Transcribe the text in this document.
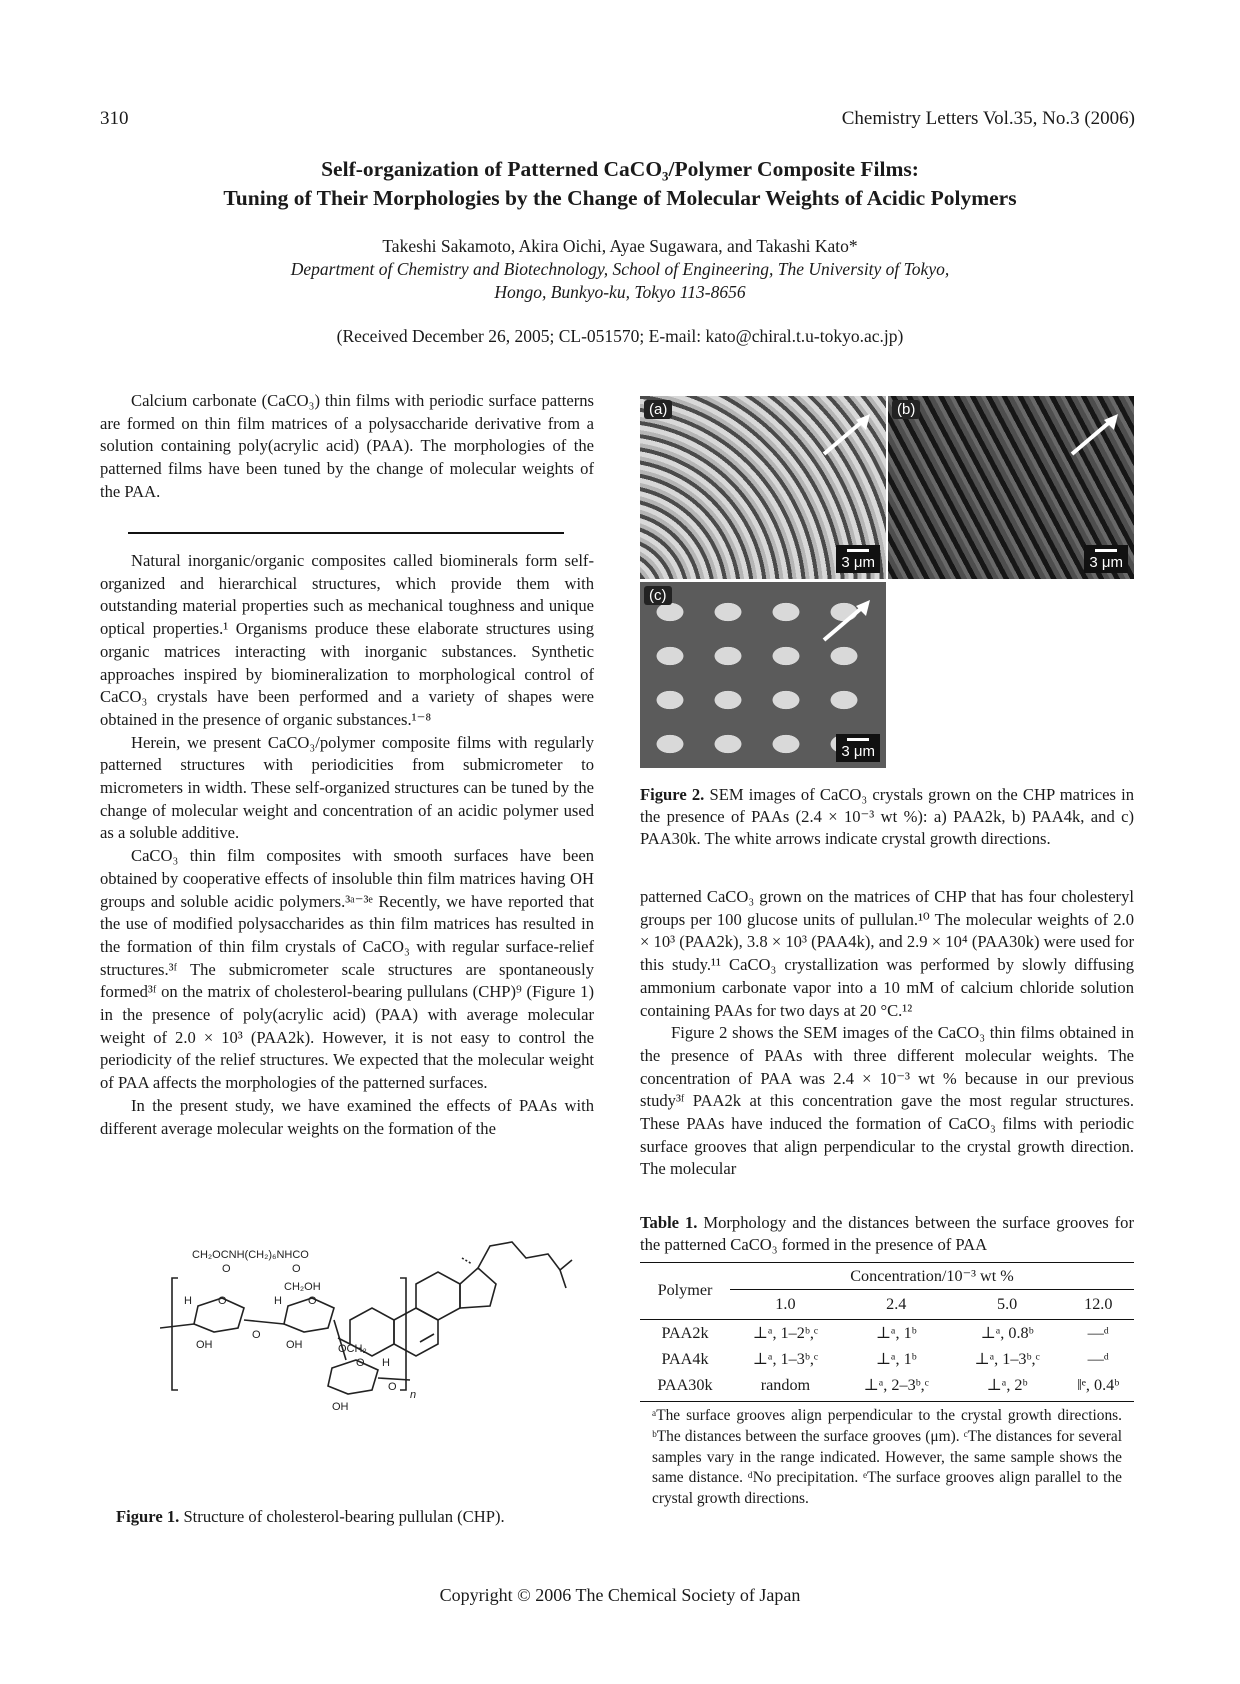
310	Chemistry Letters Vol.35, No.3 (2006)
Self-organization of Patterned CaCO₃/Polymer Composite Films:
Tuning of Their Morphologies by the Change of Molecular Weights of Acidic Polymers
Takeshi Sakamoto, Akira Oichi, Ayae Sugawara, and Takashi Kato*
Department of Chemistry and Biotechnology, School of Engineering, The University of Tokyo,
Hongo, Bunkyo-ku, Tokyo 113-8656
(Received December 26, 2005; CL-051570; E-mail: kato@chiral.t.u-tokyo.ac.jp)

Calcium carbonate (CaCO₃) thin films with periodic surface patterns are formed on thin film matrices of a polysaccharide derivative from a solution containing poly(acrylic acid) (PAA). The morphologies of the patterned films have been tuned by the change of molecular weights of the PAA.

Natural inorganic/organic composites called biominerals form self-organized and hierarchical structures, which provide them with outstanding material properties such as mechanical toughness and unique optical properties.¹ Organisms produce these elaborate structures using organic matrices interacting with inorganic substances. Synthetic approaches inspired by biomineralization to morphological control of CaCO₃ crystals have been performed and a variety of shapes were obtained in the presence of organic substances.¹⁻⁸

Herein, we present CaCO₃/polymer composite films with regularly patterned structures with periodicities from submicrometer to micrometers in width. These self-organized structures can be tuned by the change of molecular weight and concentration of an acidic polymer used as a soluble additive.

CaCO₃ thin film composites with smooth surfaces have been obtained by cooperative effects of insoluble thin film matrices having OH groups and soluble acidic polymers.³ᵃ⁻³ᵉ Recently, we have reported that the use of modified polysaccharides as thin film matrices has resulted in the formation of thin film crystals of CaCO₃ with regular surface-relief structures.³ᶠ The submicrometer scale structures are spontaneously formed³ᶠ on the matrix of cholesterol-bearing pullulans (CHP)⁹ (Figure 1) in the presence of poly(acrylic acid) (PAA) with average molecular weight of 2.0 × 10³ (PAA2k). However, it is not easy to control the periodicity of the relief structures. We expected that the molecular weight of PAA affects the morphologies of the patterned surfaces.

In the present study, we have examined the effects of PAAs with different average molecular weights on the formation of the

CH₂OCNH(CH₂)₆NHCO
O	O
CH₂OH
OCH₂
OH	OH
OH
O	O
O
O
O
H	H
H
n
Figure 1. Structure of cholesterol-bearing pullulan (CHP).
(a)
3 μm
(b)
3 μm
(c)
3 μm
Figure 2. SEM images of CaCO₃ crystals grown on the CHP matrices in the presence of PAAs (2.4 × 10⁻³ wt %): a) PAA2k, b) PAA4k, and c) PAA30k. The white arrows indicate crystal growth directions.

patterned CaCO₃ grown on the matrices of CHP that has four cholesteryl groups per 100 glucose units of pullulan.¹⁰ The molecular weights of 2.0 × 10³ (PAA2k), 3.8 × 10³ (PAA4k), and 2.9 × 10⁴ (PAA30k) were used for this study.¹¹ CaCO₃ crystallization was performed by slowly diffusing ammonium carbonate vapor into a 10 mM of calcium chloride solution containing PAAs for two days at 20 °C.¹²

Figure 2 shows the SEM images of the CaCO₃ thin films obtained in the presence of PAAs with three different molecular weights. The concentration of PAA was 2.4 × 10⁻³ wt % because in our previous study³ᶠ PAA2k at this concentration gave the most regular structures. These PAAs have induced the formation of CaCO₃ films with periodic surface grooves that align perpendicular to the crystal growth direction. The molecular

Table 1. Morphology and the distances between the surface grooves for the patterned CaCO₃ formed in the presence of PAA
Polymer	Concentration/10⁻³ wt %			
	1.0	2.4	5.0	12.0
PAA2k	⊥ᵃ, 1–2ᵇ,ᶜ	⊥ᵃ, 1ᵇ	⊥ᵃ, 0.8ᵇ	—ᵈ
PAA4k	⊥ᵃ, 1–3ᵇ,ᶜ	⊥ᵃ, 1ᵇ	⊥ᵃ, 1–3ᵇ,ᶜ	—ᵈ
PAA30k	random	⊥ᵃ, 2–3ᵇ,ᶜ	⊥ᵃ, 2ᵇ	‖ᵉ, 0.4ᵇ
ᵃThe surface grooves align perpendicular to the crystal growth directions. ᵇThe distances between the surface grooves (μm). ᶜThe distances for several samples vary in the range indicated. However, the same sample shows the same distance. ᵈNo precipitation. ᵉThe surface grooves align parallel to the crystal growth directions.
Copyright © 2006 The Chemical Society of Japan
